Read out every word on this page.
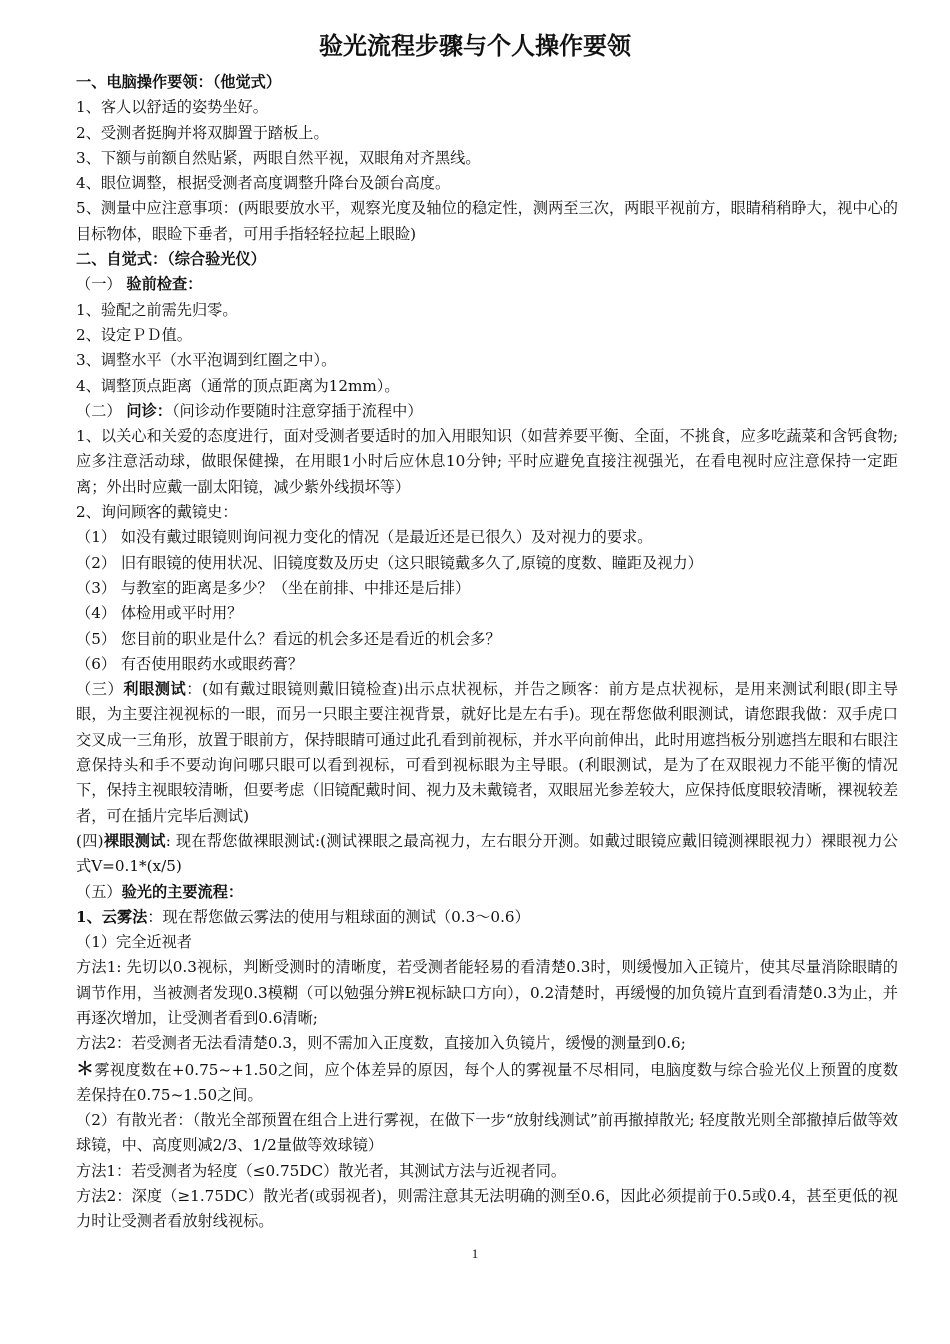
验光流程步骤与个人操作要领

一、电脑操作要领：（他觉式）

1、客人以舒适的姿势坐好。

2、受测者挺胸并将双脚置于踏板上。

3、下额与前额自然贴紧，两眼自然平视，双眼角对齐黑线。

4、眼位调整，根据受测者高度调整升降台及颌台高度。

5、测量中应注意事项：(两眼要放水平，观察光度及轴位的稳定性，测两至三次，两眼平视前方，眼睛稍稍睁大，视中心的目标物体，眼睑下垂者，可用手指轻轻拉起上眼睑)

二、自觉式：（综合验光仪）

（一） 验前检查：

1、验配之前需先归零。

2、设定ＰＤ值。

3、调整水平（水平泡调到红圈之中）。

4、调整顶点距离（通常的顶点距离为12mm）。

（二） 问诊：（问诊动作要随时注意穿插于流程中）

1、以关心和关爱的态度进行，面对受测者要适时的加入用眼知识（如营养要平衡、全面，不挑食，应多吃蔬菜和含钙食物; 应多注意活动球，做眼保健操，在用眼1小时后应休息10分钟; 平时应避免直接注视强光，在看电视时应注意保持一定距离；外出时应戴一副太阳镜，减少紫外线损坏等）

2、询问顾客的戴镜史：

（1） 如没有戴过眼镜则询问视力变化的情况（是最近还是已很久）及对视力的要求。

（2） 旧有眼镜的使用状况、旧镜度数及历史（这只眼镜戴多久了,原镜的度数、瞳距及视力）

（3） 与教室的距离是多少？（坐在前排、中排还是后排）

（4） 体检用或平时用？

（5） 您目前的职业是什么？看远的机会多还是看近的机会多？

（6） 有否使用眼药水或眼药膏？

（三）利眼测试：(如有戴过眼镜则戴旧镜检查)出示点状视标，并告之顾客：前方是点状视标，是用来测试利眼(即主导眼，为主要注视视标的一眼，而另一只眼主要注视背景，就好比是左右手)。现在帮您做利眼测试，请您跟我做：双手虎口交叉成一三角形，放置于眼前方，保持眼睛可通过此孔看到前视标，并水平向前伸出，此时用遮挡板分别遮挡左眼和右眼注意保持头和手不要动询问哪只眼可以看到视标，可看到视标眼为主导眼。(利眼测试，是为了在双眼视力不能平衡的情况下，保持主视眼较清晰，但要考虑（旧镜配戴时间、视力及未戴镜者，双眼屈光参差较大，应保持低度眼较清晰，裸视较差者，可在插片完毕后测试)

(四)裸眼测试: 现在帮您做裸眼测试:(测试裸眼之最高视力，左右眼分开测。如戴过眼镜应戴旧镜测裸眼视力）裸眼视力公式V=0.1*(x/5)

（五）验光的主要流程：

1、云雾法：现在帮您做云雾法的使用与粗球面的测试（0.3～0.6）

（1）完全近视者

方法1: 先切以0.3视标，判断受测时的清晰度，若受测者能轻易的看清楚0.3时，则缓慢加入正镜片，使其尽量消除眼睛的调节作用，当被测者发现0.3模糊（可以勉强分辨E视标缺口方向），0.2清楚时，再缓慢的加负镜片直到看清楚0.3为止，并再逐次增加，让受测者看到0.6清晰;

方法2：若受测者无法看清楚0.3，则不需加入正度数，直接加入负镜片，缓慢的测量到0.6;

＊雾视度数在+0.75~+1.50之间，应个体差异的原因，每个人的雾视量不尽相同，电脑度数与综合验光仪上预置的度数差保持在0.75~1.50之间。

（2）有散光者：（散光全部预置在组合上进行雾视，在做下一步“放射线测试”前再撤掉散光; 轻度散光则全部撤掉后做等效球镜，中、高度则减2/3、1/2量做等效球镜）

方法1：若受测者为轻度（≤0.75DC）散光者，其测试方法与近视者同。

方法2：深度（≥1.75DC）散光者(或弱视者)，则需注意其无法明确的测至0.6，因此必须提前于0.5或0.4，甚至更低的视力时让受测者看放射线视标。

1
